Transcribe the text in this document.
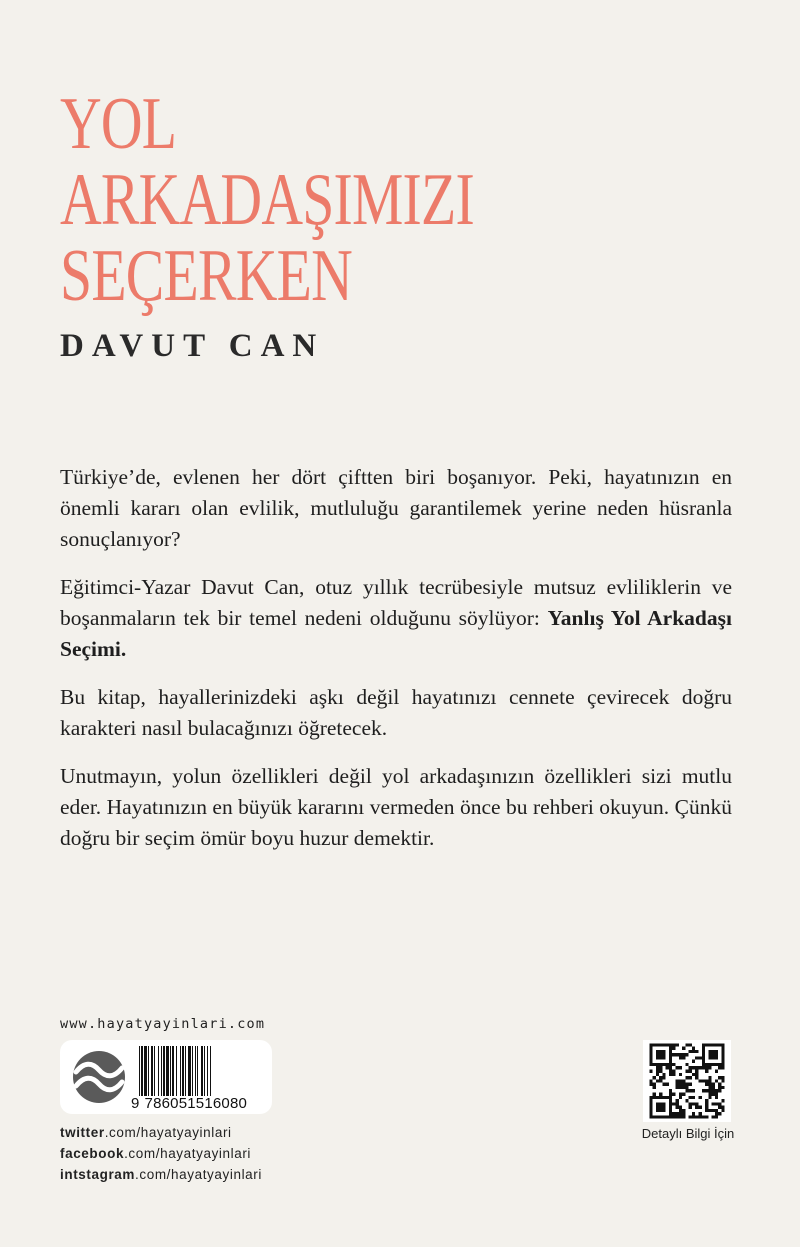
YOL
ARKADAŞIMIZI
SEÇERKEN
DAVUT CAN

Türkiye’de, evlenen her dört çiftten biri boşanıyor. Peki, hayatınızın en önemli kararı olan evlilik, mutluluğu garantilemek yerine neden hüsranla sonuçlanıyor?

Eğitimci-Yazar Davut Can, otuz yıllık tecrübesiyle mutsuz evliliklerin ve boşanmaların tek bir temel nedeni olduğunu söylüyor: Yanlış Yol Arkadaşı Seçimi.

Bu kitap, hayallerinizdeki aşkı değil hayatınızı cennete çevirecek doğru karakteri nasıl bulacağınızı öğretecek.

Unutmayın, yolun özellikleri değil yol arkadaşınızın özellikleri sizi mutlu eder. Hayatınızın en büyük kararını vermeden önce bu rehberi okuyun. Çünkü doğru bir seçim ömür boyu huzur demektir.

www.hayatyayinlari.com
9 786051516080
twitter.com/hayatyayinlari
facebook.com/hayatyayinlari
intstagram.com/hayatyayinlari
Detaylı Bilgi İçin
